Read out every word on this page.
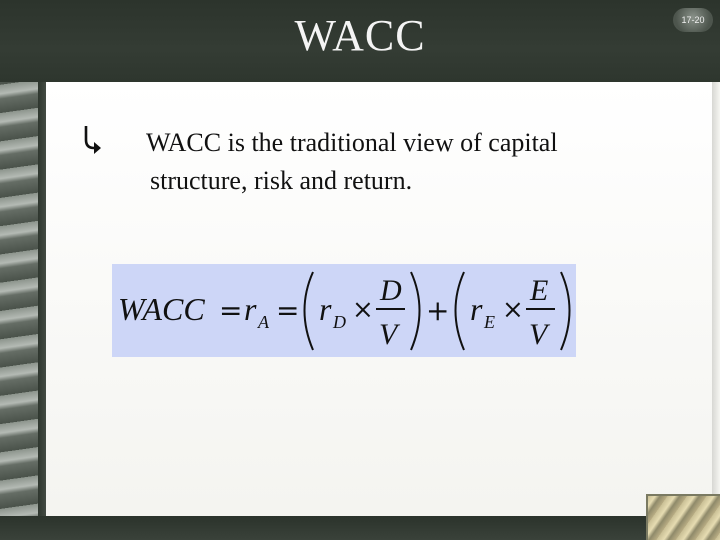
WACC	17-20
WACC is the traditional view of capital
structure, risk and return.
WACC = r A = r D ×
D
V
+ r E ×
E
V
